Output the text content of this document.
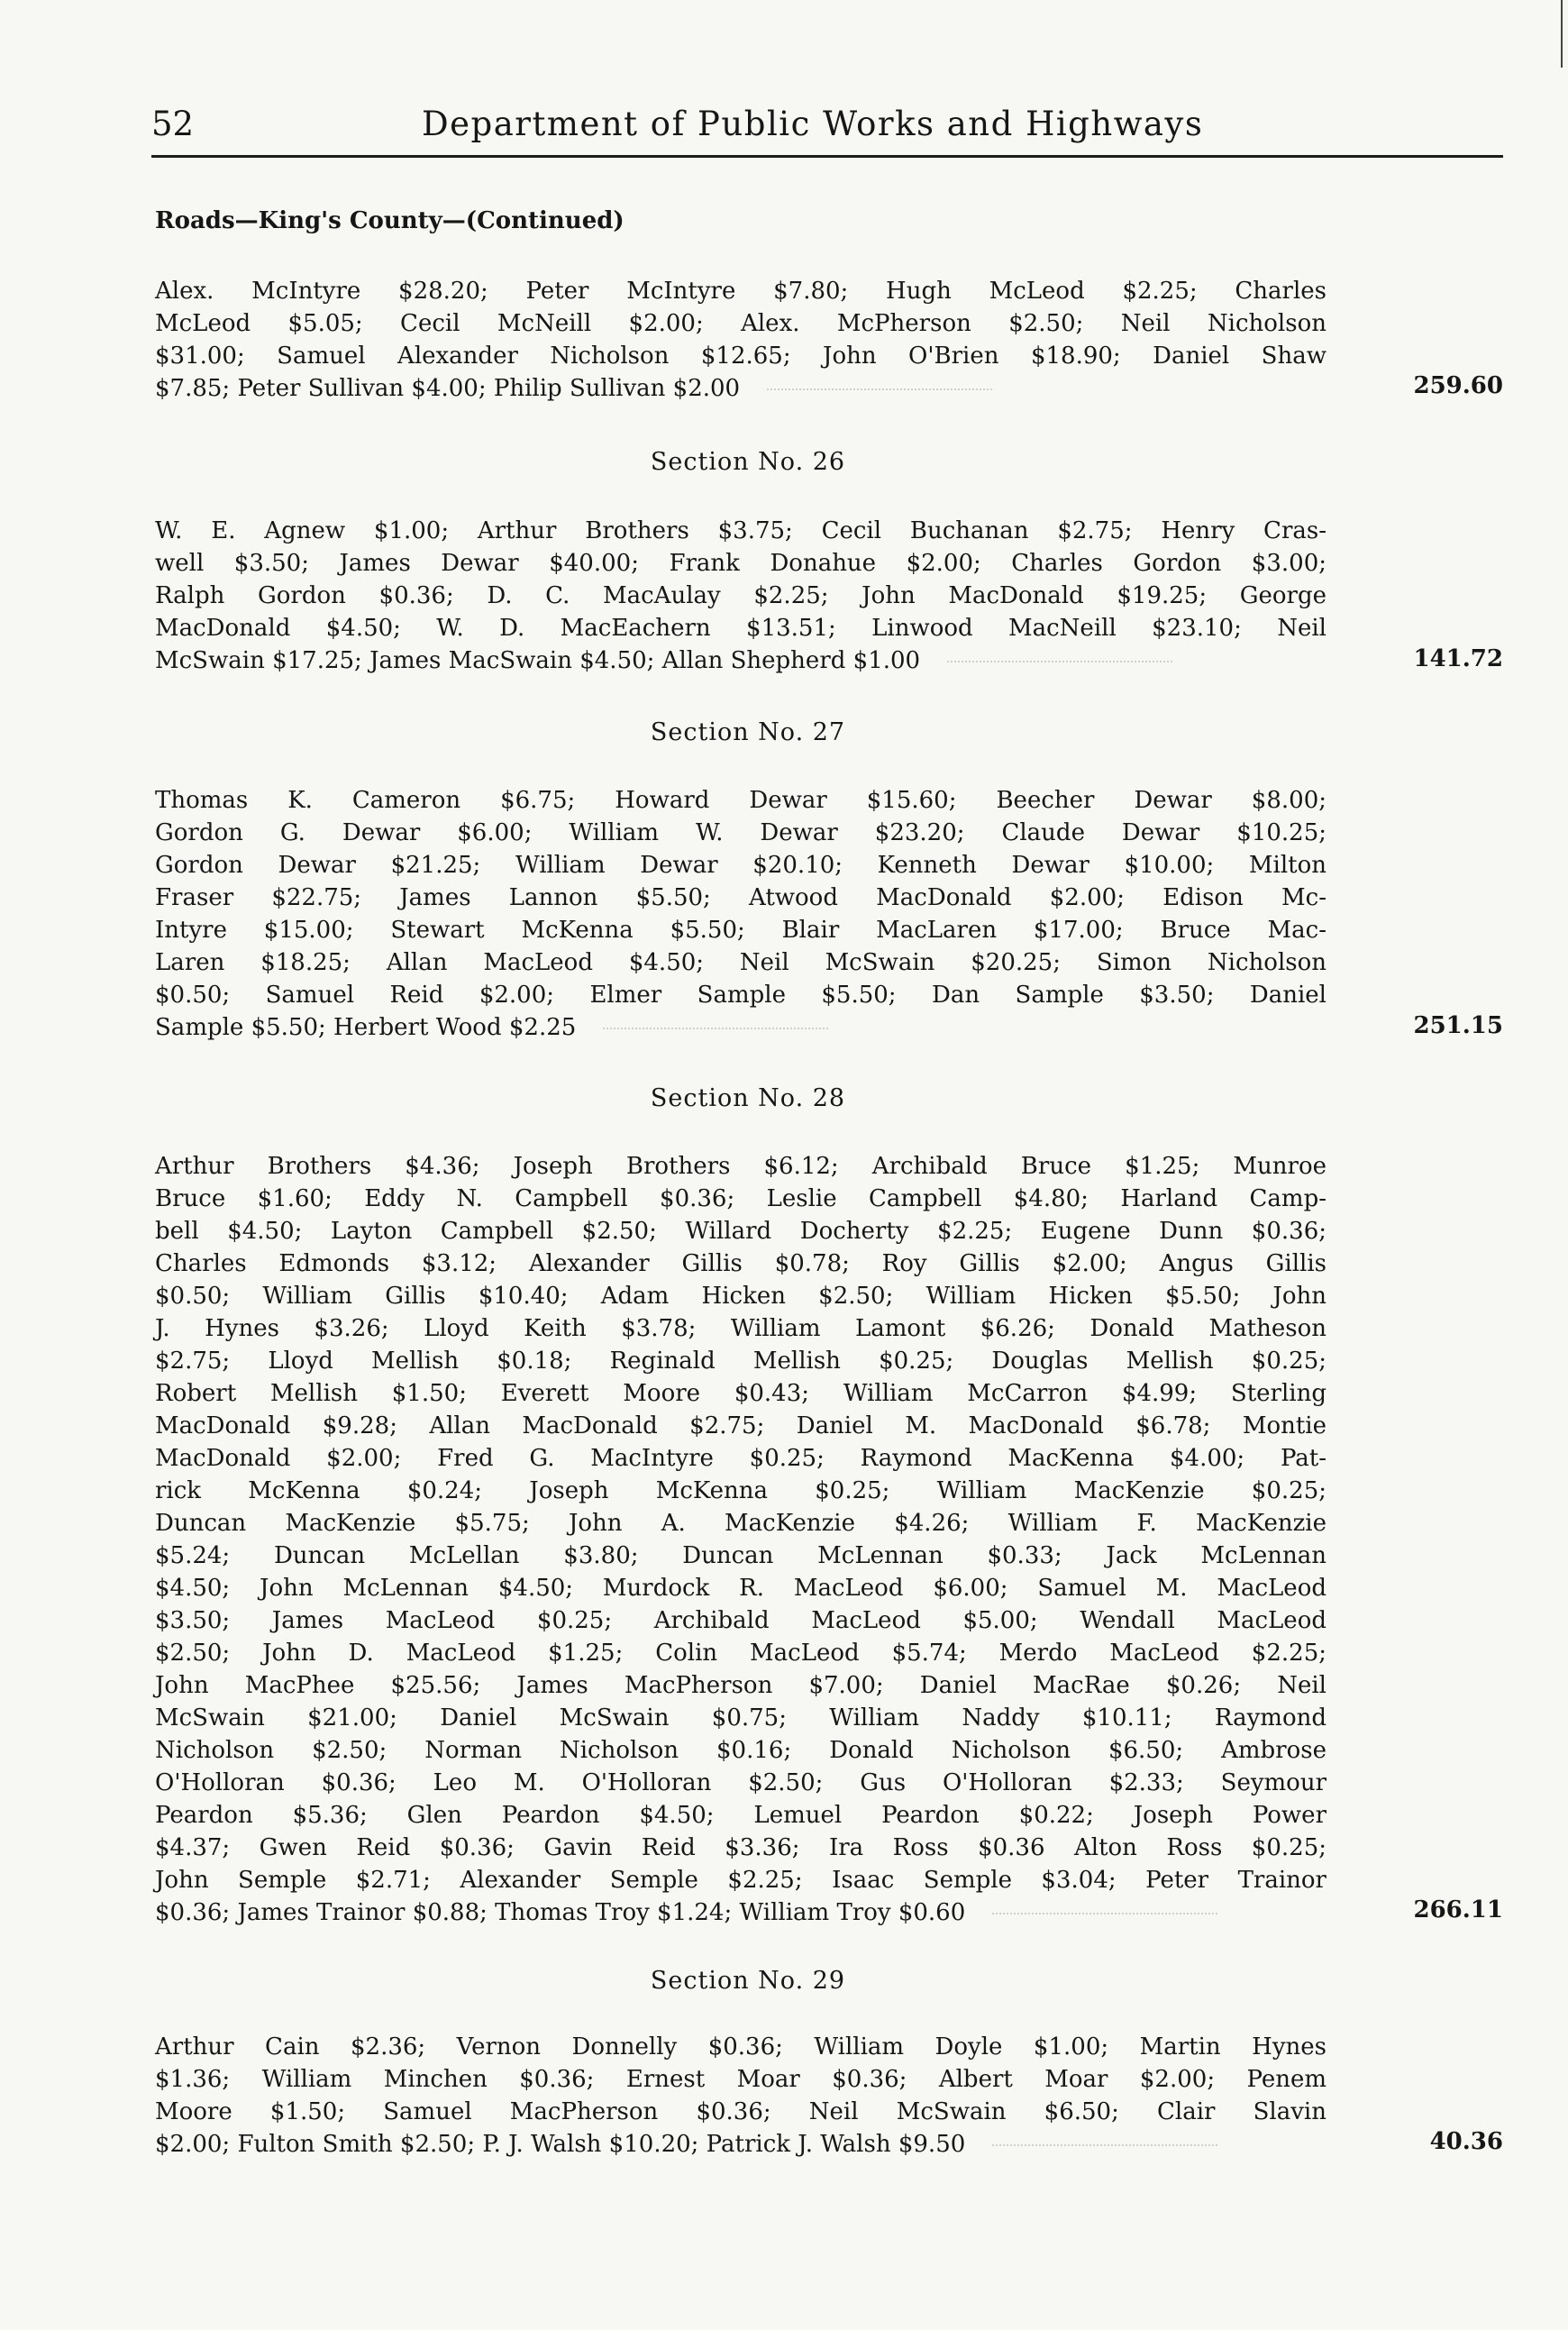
52	Department of Public Works and Highways
Roads—King's County—(Continued)
Alex. McIntyre $28.20; Peter McIntyre $7.80; Hugh McLeod $2.25; Charles
McLeod $5.05; Cecil McNeill $2.00; Alex. McPherson $2.50; Neil Nicholson
$31.00; Samuel Alexander Nicholson $12.65; John O'Brien $18.90; Daniel Shaw
$7.85; Peter Sullivan $4.00; Philip Sullivan $2.00	259.60
Section No. 26
W. E. Agnew $1.00; Arthur Brothers $3.75; Cecil Buchanan $2.75; Henry Cras-
well $3.50; James Dewar $40.00; Frank Donahue $2.00; Charles Gordon $3.00;
Ralph Gordon $0.36; D. C. MacAulay $2.25; John MacDonald $19.25; George
MacDonald $4.50; W. D. MacEachern $13.51; Linwood MacNeill $23.10; Neil
McSwain $17.25; James MacSwain $4.50; Allan Shepherd $1.00	141.72
Section No. 27
Thomas K. Cameron $6.75; Howard Dewar $15.60; Beecher Dewar $8.00;
Gordon G. Dewar $6.00; William W. Dewar $23.20; Claude Dewar $10.25;
Gordon Dewar $21.25; William Dewar $20.10; Kenneth Dewar $10.00; Milton
Fraser $22.75; James Lannon $5.50; Atwood MacDonald $2.00; Edison Mc-
Intyre $15.00; Stewart McKenna $5.50; Blair MacLaren $17.00; Bruce Mac-
Laren $18.25; Allan MacLeod $4.50; Neil McSwain $20.25; Simon Nicholson
$0.50; Samuel Reid $2.00; Elmer Sample $5.50; Dan Sample $3.50; Daniel
Sample $5.50; Herbert Wood $2.25	251.15
Section No. 28
Arthur Brothers $4.36; Joseph Brothers $6.12; Archibald Bruce $1.25; Munroe
Bruce $1.60; Eddy N. Campbell $0.36; Leslie Campbell $4.80; Harland Camp-
bell $4.50; Layton Campbell $2.50; Willard Docherty $2.25; Eugene Dunn $0.36;
Charles Edmonds $3.12; Alexander Gillis $0.78; Roy Gillis $2.00; Angus Gillis
$0.50; William Gillis $10.40; Adam Hicken $2.50; William Hicken $5.50; John
J. Hynes $3.26; Lloyd Keith $3.78; William Lamont $6.26; Donald Matheson
$2.75; Lloyd Mellish $0.18; Reginald Mellish $0.25; Douglas Mellish $0.25;
Robert Mellish $1.50; Everett Moore $0.43; William McCarron $4.99; Sterling
MacDonald $9.28; Allan MacDonald $2.75; Daniel M. MacDonald $6.78; Montie
MacDonald $2.00; Fred G. MacIntyre $0.25; Raymond MacKenna $4.00; Pat-
rick McKenna $0.24; Joseph McKenna $0.25; William MacKenzie $0.25;
Duncan MacKenzie $5.75; John A. MacKenzie $4.26; William F. MacKenzie
$5.24; Duncan McLellan $3.80; Duncan McLennan $0.33; Jack McLennan
$4.50; John McLennan $4.50; Murdock R. MacLeod $6.00; Samuel M. MacLeod
$3.50; James MacLeod $0.25; Archibald MacLeod $5.00; Wendall MacLeod
$2.50; John D. MacLeod $1.25; Colin MacLeod $5.74; Merdo MacLeod $2.25;
John MacPhee $25.56; James MacPherson $7.00; Daniel MacRae $0.26; Neil
McSwain $21.00; Daniel McSwain $0.75; William Naddy $10.11; Raymond
Nicholson $2.50; Norman Nicholson $0.16; Donald Nicholson $6.50; Ambrose
O'Holloran $0.36; Leo M. O'Holloran $2.50; Gus O'Holloran $2.33; Seymour
Peardon $5.36; Glen Peardon $4.50; Lemuel Peardon $0.22; Joseph Power
$4.37; Gwen Reid $0.36; Gavin Reid $3.36; Ira Ross $0.36 Alton Ross $0.25;
John Semple $2.71; Alexander Semple $2.25; Isaac Semple $3.04; Peter Trainor
$0.36; James Trainor $0.88; Thomas Troy $1.24; William Troy $0.60	266.11
Section No. 29
Arthur Cain $2.36; Vernon Donnelly $0.36; William Doyle $1.00; Martin Hynes
$1.36; William Minchen $0.36; Ernest Moar $0.36; Albert Moar $2.00; Penem
Moore $1.50; Samuel MacPherson $0.36; Neil McSwain $6.50; Clair Slavin
$2.00; Fulton Smith $2.50; P. J. Walsh $10.20; Patrick J. Walsh $9.50	40.36
